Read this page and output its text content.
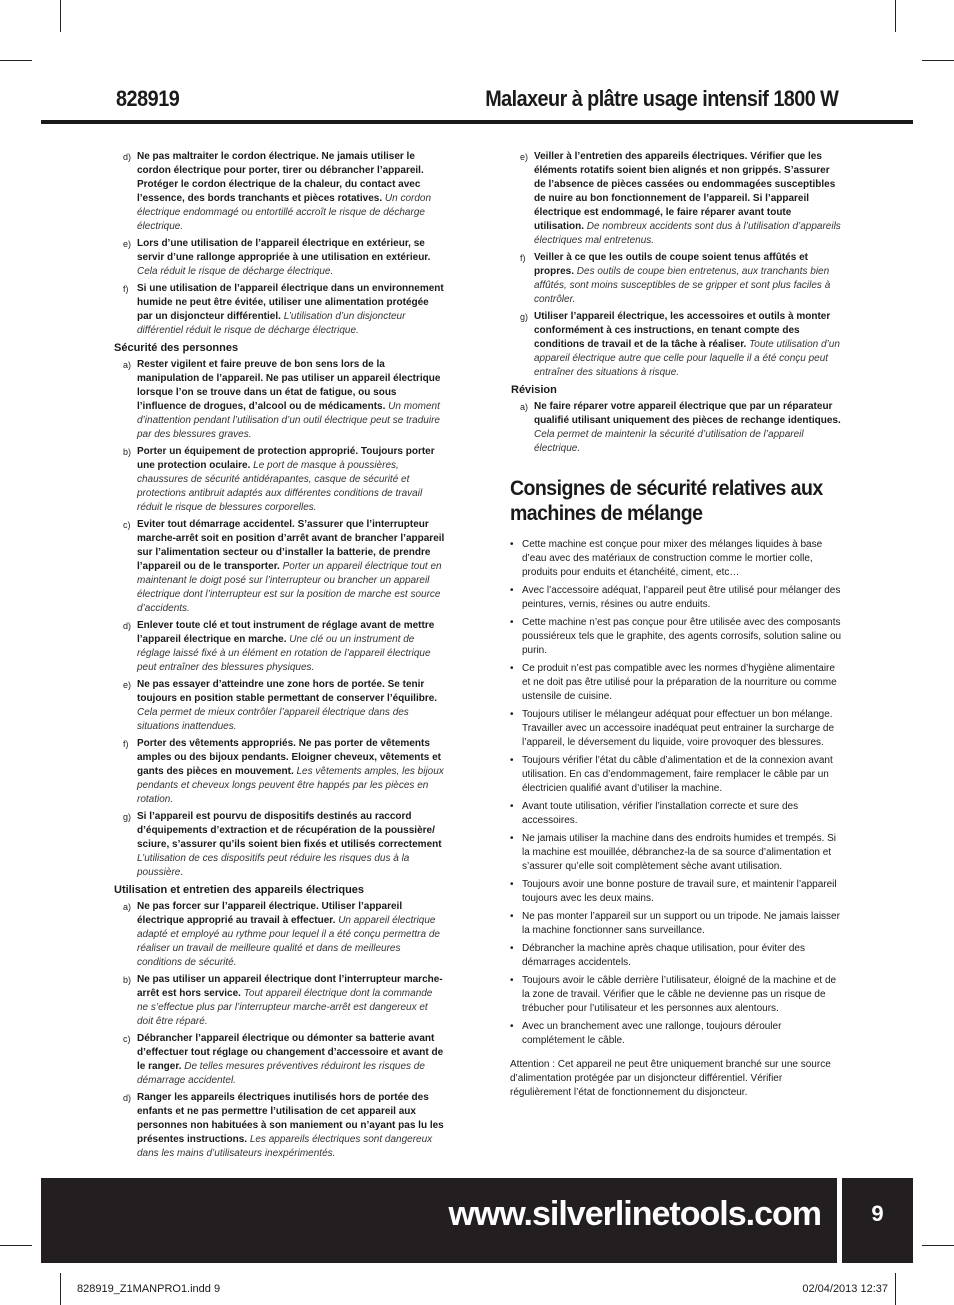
828919	Malaxeur à plâtre usage intensif 1800 W
d) Ne pas maltraiter le cordon électrique. Ne jamais utiliser le cordon électrique pour porter, tirer ou débrancher l’appareil. Protéger le cordon électrique de la chaleur, du contact avec l’essence, des bords tranchants et pièces rotatives. Un cordon électrique endommagé ou entortillé accroît le risque de décharge électrique.
e) Lors d’une utilisation de l’appareil électrique en extérieur, se servir d’une rallonge appropriée à une utilisation en extérieur. Cela réduit le risque de décharge électrique.
f) Si une utilisation de l’appareil électrique dans un environnement humide ne peut être évitée, utiliser une alimentation protégée par un disjoncteur différentiel. L’utilisation d’un disjoncteur différentiel réduit le risque de décharge électrique.
Sécurité des personnes
a) Rester vigilent et faire preuve de bon sens lors de la manipulation de l’appareil. Ne pas utiliser un appareil électrique lorsque l’on se trouve dans un état de fatigue, ou sous l’influence de drogues, d’alcool ou de médicaments. Un moment d’inattention pendant l’utilisation d’un outil électrique peut se traduire par des blessures graves.
b) Porter un équipement de protection approprié. Toujours porter une protection oculaire. Le port de masque à poussières, chaussures de sécurité antidérapantes, casque de sécurité et protections antibruit adaptés aux différentes conditions de travail réduit le risque de blessures corporelles.
c) Eviter tout démarrage accidentel. S’assurer que l’interrupteur marche-arrêt soit en position d’arrêt avant de brancher l’appareil sur l’alimentation secteur ou d’installer la batterie, de prendre l’appareil ou de le transporter. Porter un appareil électrique tout en maintenant le doigt posé sur l’interrupteur ou brancher un appareil électrique dont l’interrupteur est sur la position de marche est source d’accidents.
d) Enlever toute clé et tout instrument de réglage avant de mettre l’appareil électrique en marche. Une clé ou un instrument de réglage laissé fixé à un élément en rotation de l’appareil électrique peut entraîner des blessures physiques.
e) Ne pas essayer d’atteindre une zone hors de portée. Se tenir toujours en position stable permettant de conserver l’équilibre. Cela permet de mieux contrôler l’appareil électrique dans des situations inattendues.
f) Porter des vêtements appropriés. Ne pas porter de vêtements amples ou des bijoux pendants. Eloigner cheveux, vêtements et gants des pièces en mouvement. Les vêtements amples, les bijoux pendants et cheveux longs peuvent être happés par les pièces en rotation.
g) Si l’appareil est pourvu de dispositifs destinés au raccord d’équipements d’extraction et de récupération de la poussière/ sciure, s’assurer qu’ils soient bien fixés et utilisés correctement L’utilisation de ces dispositifs peut réduire les risques dus à la poussière.
Utilisation et entretien des appareils électriques
a) Ne pas forcer sur l’appareil électrique. Utiliser l’appareil électrique approprié au travail à effectuer. Un appareil électrique adapté et employé au rythme pour lequel il a été conçu permettra de réaliser un travail de meilleure qualité et dans de meilleures conditions de sécurité.
b) Ne pas utiliser un appareil électrique dont l’interrupteur marche-arrêt est hors service. Tout appareil électrique dont la commande ne s’effectue plus par l’interrupteur marche-arrêt est dangereux et doit être réparé.
c) Débrancher l’appareil électrique ou démonter sa batterie avant d’effectuer tout réglage ou changement d’accessoire et avant de le ranger. De telles mesures préventives réduiront les risques de démarrage accidentel.
d) Ranger les appareils électriques inutilisés hors de portée des enfants et ne pas permettre l’utilisation de cet appareil aux personnes non habituées à son maniement ou n’ayant pas lu les présentes instructions. Les appareils électriques sont dangereux dans les mains d’utilisateurs inexpérimentés.
e) Veiller à l’entretien des appareils électriques. Vérifier que les éléments rotatifs soient bien alignés et non grippés. S’assurer de l’absence de pièces cassées ou endommagées susceptibles de nuire au bon fonctionnement de l’appareil. Si l’appareil électrique est endommagé, le faire réparer avant toute utilisation. De nombreux accidents sont dus à l’utilisation d’appareils électriques mal entretenus.
f) Veiller à ce que les outils de coupe soient tenus affûtés et propres. Des outils de coupe bien entretenus, aux tranchants bien affûtés, sont moins susceptibles de se gripper et sont plus faciles à contrôler.
g) Utiliser l’appareil électrique, les accessoires et outils à monter conformément à ces instructions, en tenant compte des conditions de travail et de la tâche à réaliser. Toute utilisation d’un appareil électrique autre que celle pour laquelle il a été conçu peut entraîner des situations à risque.
Révision
a) Ne faire réparer votre appareil électrique que par un réparateur qualifié utilisant uniquement des pièces de rechange identiques. Cela permet de maintenir la sécurité d’utilisation de l’appareil électrique.
Consignes de sécurité relatives aux machines de mélange
• Cette machine est conçue pour mixer des mélanges liquides à base d’eau avec des matériaux de construction comme le mortier colle, produits pour enduits et étanchéité, ciment, etc…
• Avec l’accessoire adéquat, l’appareil peut être utilisé pour mélanger des peintures, vernis, résines ou autre enduits.
• Cette machine n’est pas conçue pour être utilisée avec des composants poussiéreux tels que le graphite, des agents corrosifs, solution saline ou purin.
• Ce produit n’est pas compatible avec les normes d’hygiène alimentaire et ne doit pas être utilisé pour la préparation de la nourriture ou comme ustensile de cuisine.
• Toujours utiliser le mélangeur adéquat pour effectuer un bon mélange. Travailler avec un accessoire inadéquat peut entrainer la surcharge de l’appareil, le déversement du liquide, voire provoquer des blessures.
• Toujours vérifier l’état du câble d’alimentation et de la connexion avant utilisation. En cas d’endommagement, faire remplacer le câble par un électricien qualifié avant d’utiliser la machine.
• Avant toute utilisation, vérifier l’installation correcte et sure des accessoires.
• Ne jamais utiliser la machine dans des endroits humides et trempés. Si la machine est mouillée, débranchez-la de sa source d’alimentation et s’assurer qu’elle soit complètement sèche avant utilisation.
• Toujours avoir une bonne posture de travail sure, et maintenir l’appareil toujours avec les deux mains.
• Ne pas monter l’appareil sur un support ou un tripode. Ne jamais laisser la machine fonctionner sans surveillance.
• Débrancher la machine après chaque utilisation, pour éviter des démarrages accidentels.
• Toujours avoir le câble derrière l’utilisateur, éloigné de la machine et de la zone de travail. Vérifier que le câble ne devienne pas un risque de trébucher pour l’utilisateur et les personnes aux alentours.
• Avec un branchement avec une rallonge, toujours dérouler complétement le câble.
Attention : Cet appareil ne peut être uniquement branché sur une source d’alimentation protégée par un disjoncteur différentiel. Vérifier régulièrement l’état de fonctionnement du disjoncteur.
www.silverlinetools.com	9
828919_Z1MANPRO1.indd 9	02/04/2013 12:37
